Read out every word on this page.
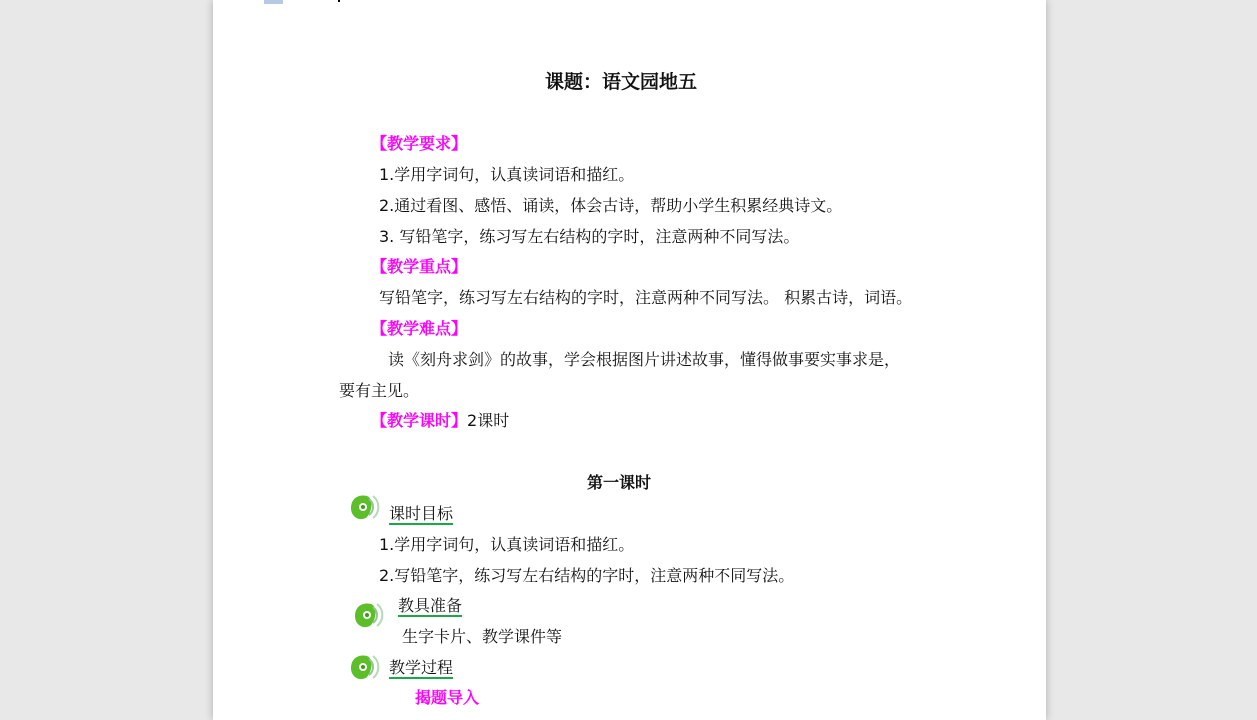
课题：语文园地五
【教学要求】
1.学用字词句，认真读词语和描红。
2.通过看图、感悟、诵读，体会古诗，帮助小学生积累经典诗文。
3. 写铅笔字，练习写左右结构的字时，注意两种不同写法。
【教学重点】
写铅笔字，练习写左右结构的字时，注意两种不同写法。 积累古诗，词语。
【教学难点】
读《刻舟求剑》的故事，学会根据图片讲述故事，懂得做事要实事求是，
要有主见。
【教学课时】2课时
第一课时
课时目标
1.学用字词句，认真读词语和描红。
2.写铅笔字，练习写左右结构的字时，注意两种不同写法。
教具准备
生字卡片、教学课件等
教学过程
揭题导入
